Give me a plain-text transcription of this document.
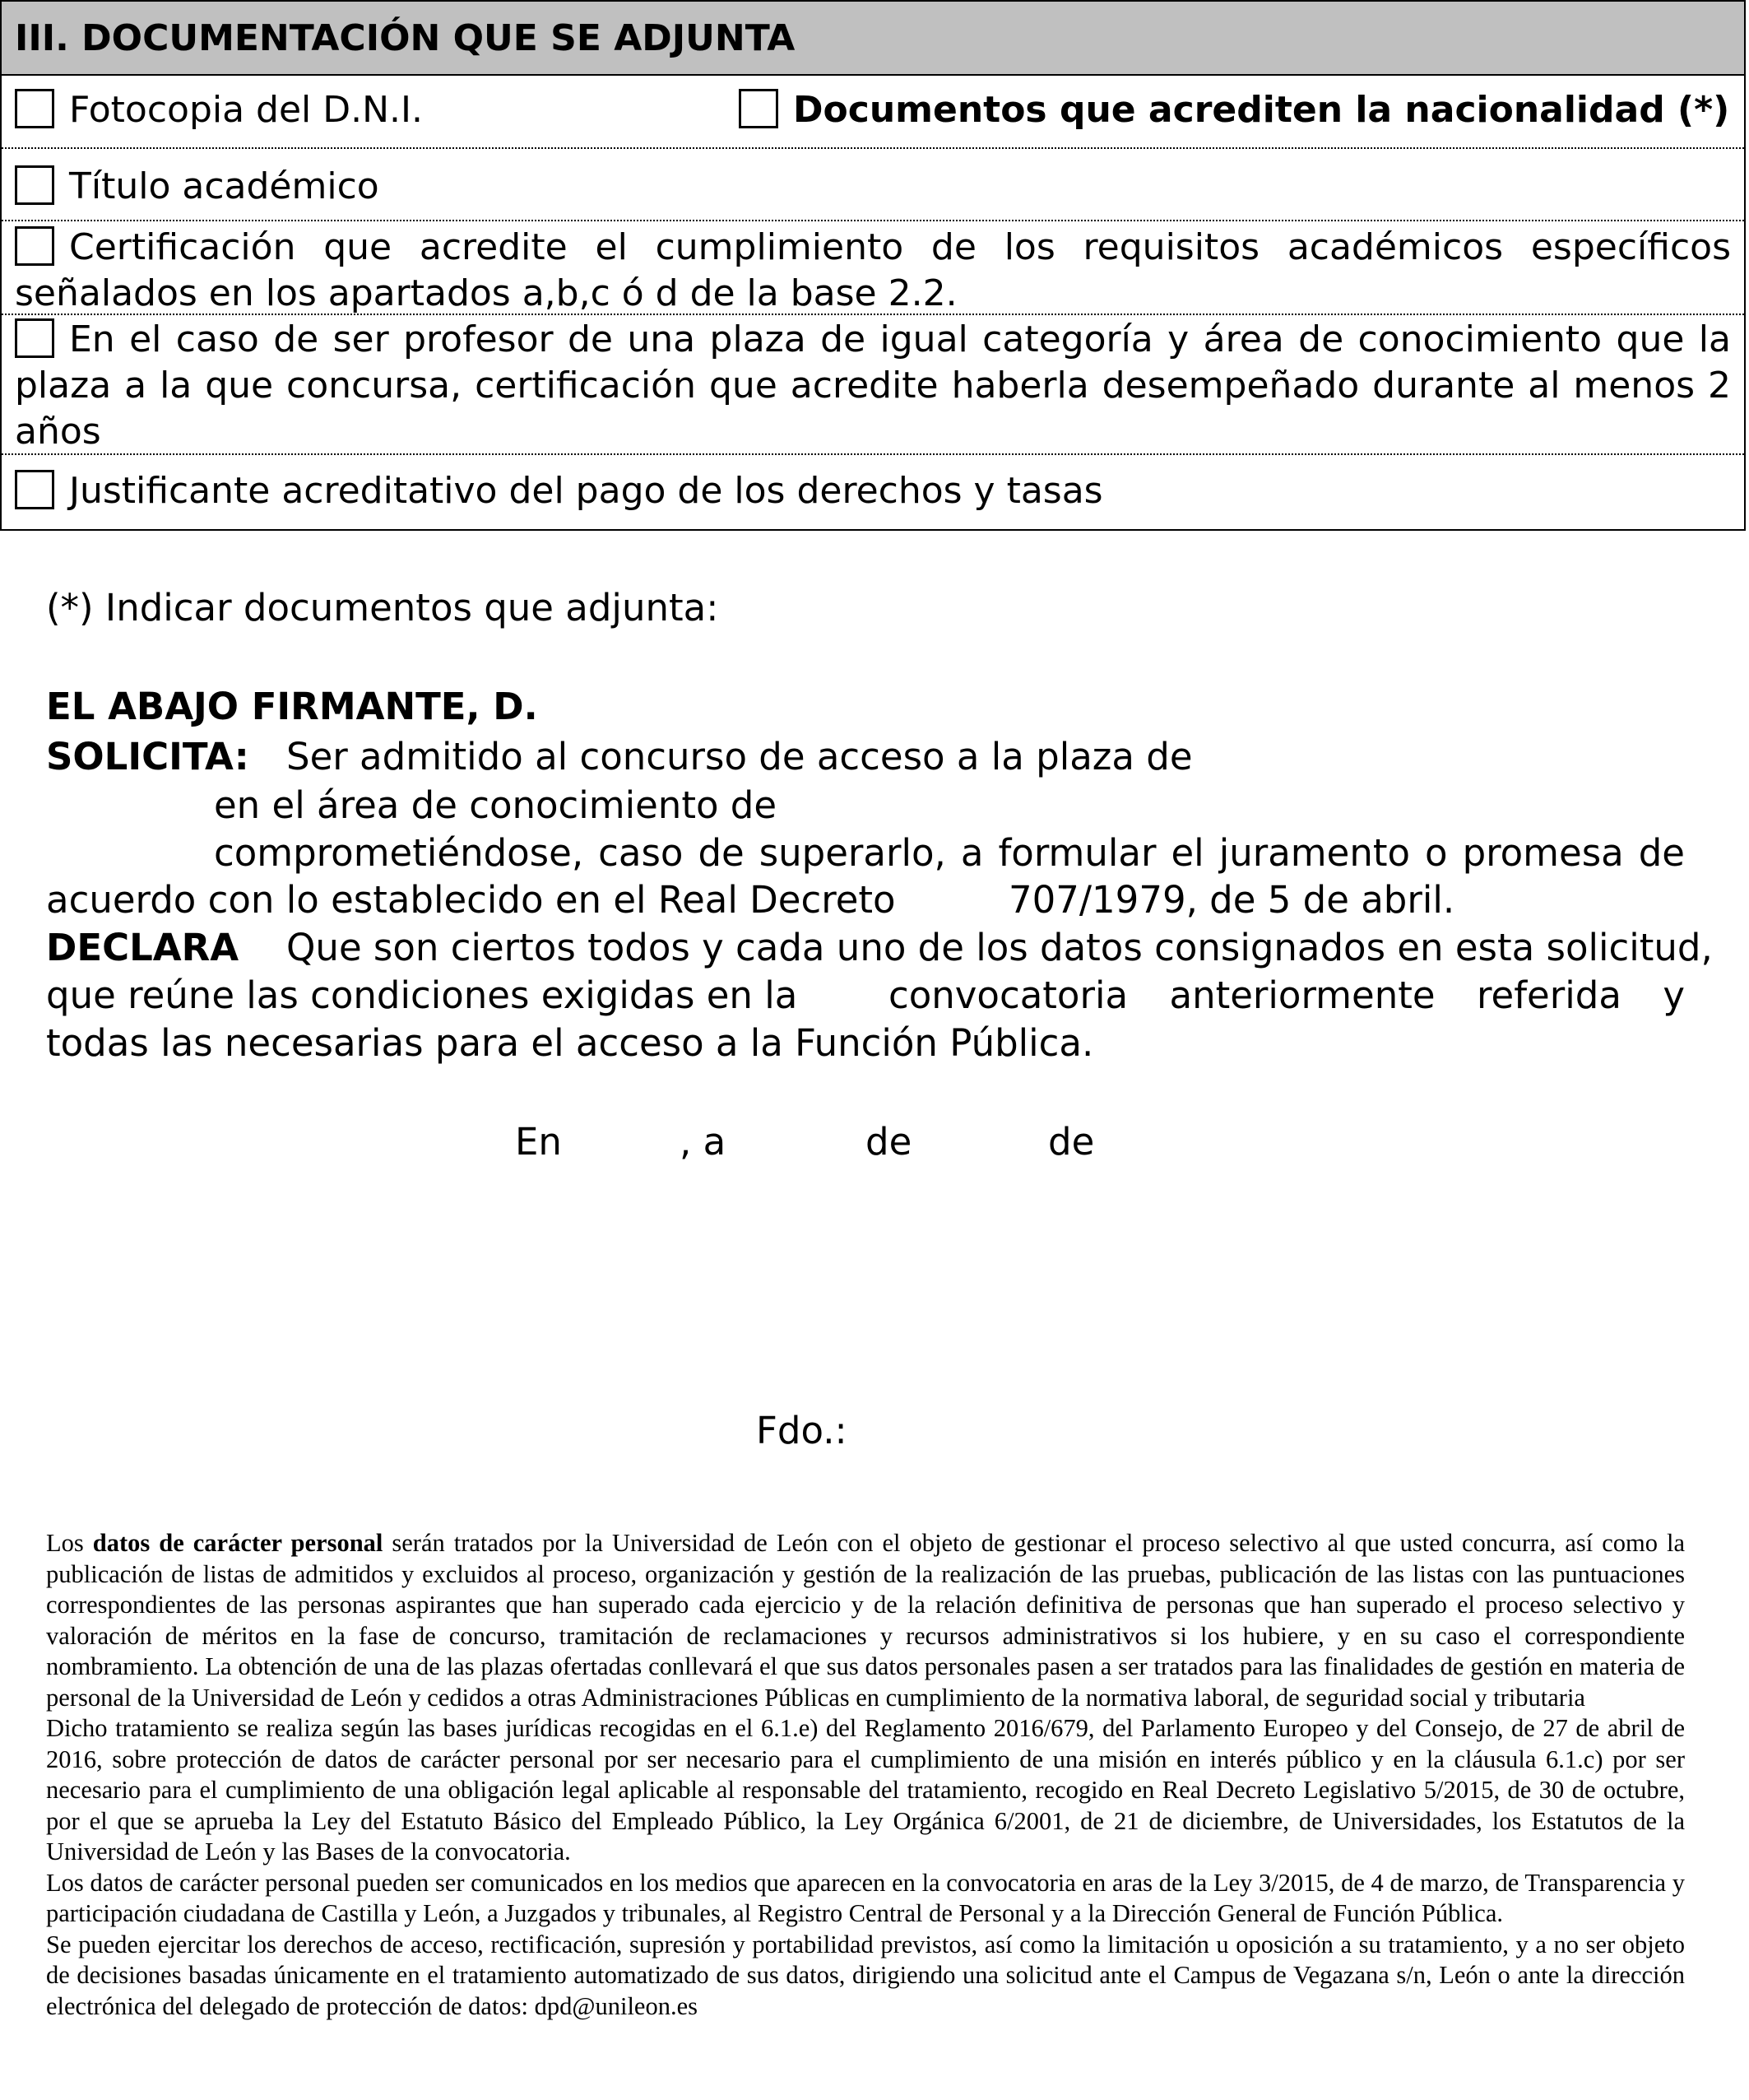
III. DOCUMENTACIÓN QUE SE ADJUNTA
Fotocopia del D.N.I.	Documentos que acrediten la nacionalidad (*)
Título académico
Certificación que acredite el cumplimiento de los requisitos académicos específicos señalados en los apartados a,b,c ó d de la base 2.2.
En el caso de ser profesor de una plaza de igual categoría y área de conocimiento que la plaza a la que concursa, certificación que acredite haberla desempeñado durante al menos 2 años
Justificante acreditativo del pago de los derechos y tasas
(*) Indicar documentos que adjunta:
EL ABAJO FIRMANTE, D.
SOLICITA: Ser admitido al concurso de acceso a la plaza de
en el área de conocimiento de
comprometiéndose, caso de superarlo, a formular el juramento o promesa de
acuerdo con lo establecido en el Real Decreto	707/1979, de 5 de abril.
DECLARA Que son ciertos todos y cada uno de los datos consignados en esta solicitud,
que reúne las condiciones exigidas en la convocatoria anteriormente referida y
todas las necesarias para el acceso a la Función Pública.
En	, a	de	de
Fdo.:

Los datos de carácter personal serán tratados por la Universidad de León con el objeto de gestionar el proceso selectivo al que usted concurra, así como la publicación de listas de admitidos y excluidos al proceso, organización y gestión de la realización de las pruebas, publicación de las listas con las puntuaciones correspondientes de las personas aspirantes que han superado cada ejercicio y de la relación definitiva de personas que han superado el proceso selectivo y valoración de méritos en la fase de concurso, tramitación de reclamaciones y recursos administrativos si los hubiere, y en su caso el correspondiente nombramiento. La obtención de una de las plazas ofertadas conllevará el que sus datos personales pasen a ser tratados para las finalidades de gestión en materia de personal de la Universidad de León y cedidos a otras Administraciones Públicas en cumplimiento de la normativa laboral, de seguridad social y tributaria

Dicho tratamiento se realiza según las bases jurídicas recogidas en el 6.1.e) del Reglamento 2016/679, del Parlamento Europeo y del Consejo, de 27 de abril de 2016, sobre protección de datos de carácter personal por ser necesario para el cumplimiento de una misión en interés público y en la cláusula 6.1.c) por ser necesario para el cumplimiento de una obligación legal aplicable al responsable del tratamiento, recogido en Real Decreto Legislativo 5/2015, de 30 de octubre, por el que se aprueba la Ley del Estatuto Básico del Empleado Público, la Ley Orgánica 6/2001, de 21 de diciembre, de Universidades, los Estatutos de la Universidad de León y las Bases de la convocatoria.

Los datos de carácter personal pueden ser comunicados en los medios que aparecen en la convocatoria en aras de la Ley 3/2015, de 4 de marzo, de Transparencia y participación ciudadana de Castilla y León, a Juzgados y tribunales, al Registro Central de Personal y a la Dirección General de Función Pública.

Se pueden ejercitar los derechos de acceso, rectificación, supresión y portabilidad previstos, así como la limitación u oposición a su tratamiento, y a no ser objeto de decisiones basadas únicamente en el tratamiento automatizado de sus datos, dirigiendo una solicitud ante el Campus de Vegazana s/n, León o ante la dirección electrónica del delegado de protección de datos: dpd@unileon.es
